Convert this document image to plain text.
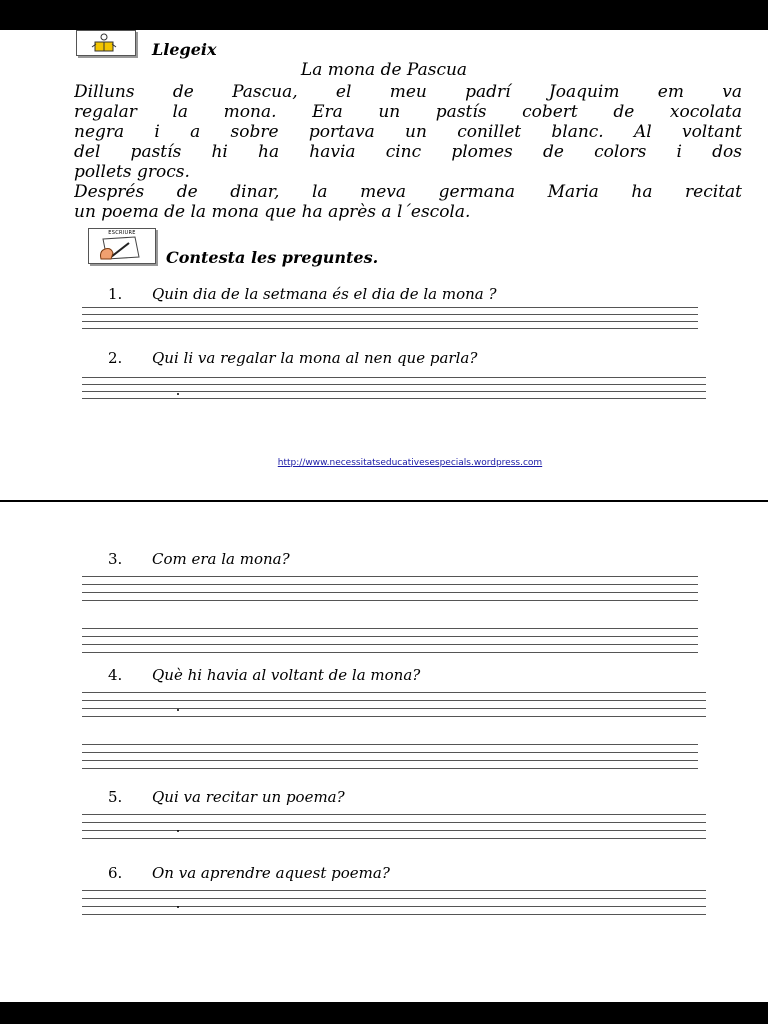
Llegeix
La mona de Pascua
Dilluns de Pascua, el meu padrí Joaquim em va
regalar la mona. Era un pastís cobert de xocolata
negra i a sobre portava un conillet blanc. Al voltant
del pastís hi ha havia cinc plomes de colors i dos
pollets grocs.
Després de dinar, la meva germana Maria ha recitat
un poema de la mona que ha après a l´escola.
ESCRIURE
Contesta les preguntes.
1. Quin dia de la setmana és el dia de la mona ?
2. Qui li va regalar la mona al nen que parla?
http://www.necessitatseducativesespecials.wordpress.com
3. Com era la mona?
4. Què hi havia al voltant de la mona?
5. Qui va recitar un poema?
6. On va aprendre aquest poema?
